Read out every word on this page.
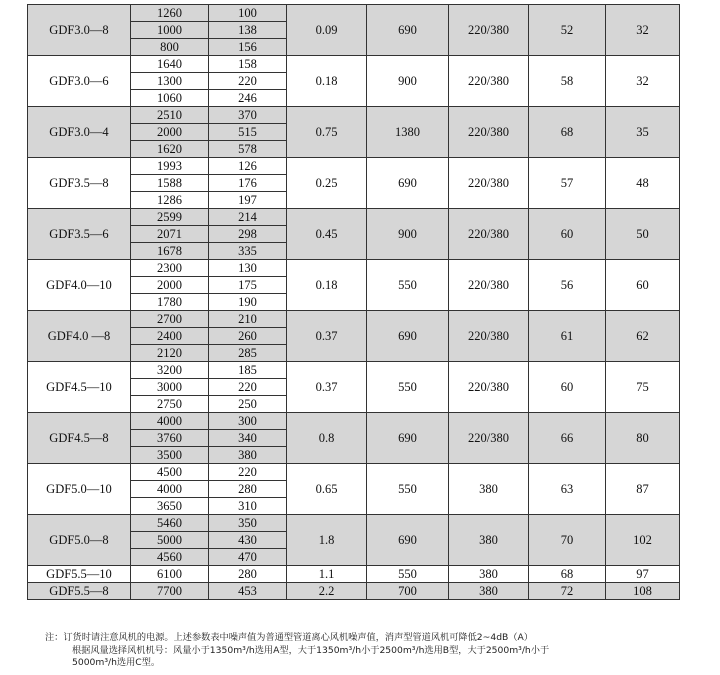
GDF3.0—8	1260	100	0.09	690	220/380	52	32
	1000	138					
	800	156					
GDF3.0—6	1640	158	0.18	900	220/380	58	32
	1300	220					
	1060	246					
GDF3.0—4	2510	370	0.75	1380	220/380	68	35
	2000	515					
	1620	578					
GDF3.5—8	1993	126	0.25	690	220/380	57	48
	1588	176					
	1286	197					
GDF3.5—6	2599	214	0.45	900	220/380	60	50
	2071	298					
	1678	335					
GDF4.0—10	2300	130	0.18	550	220/380	56	60
	2000	175					
	1780	190					
GDF4.0 —8	2700	210	0.37	690	220/380	61	62
	2400	260					
	2120	285					
GDF4.5—10	3200	185	0.37	550	220/380	60	75
	3000	220					
	2750	250					
GDF4.5—8	4000	300	0.8	690	220/380	66	80
	3760	340					
	3500	380					
GDF5.0—10	4500	220	0.65	550	380	63	87
	4000	280					
	3650	310					
GDF5.0—8	5460	350	1.8	690	380	70	102
	5000	430					
	4560	470					
GDF5.5—10	6100	280	1.1	550	380	68	97
GDF5.5—8	7700	453	2.2	700	380	72	108
注：订货时请注意风机的电源。上述参数表中噪声值为普通型管道离心风机噪声值，消声型管道风机可降低2~4dB（A）
根据风量选择风机机号：风量小于1350m³/h选用A型，大于1350m³/h小于2500m³/h选用B型，大于2500m³/h小于
5000m³/h选用C型。
